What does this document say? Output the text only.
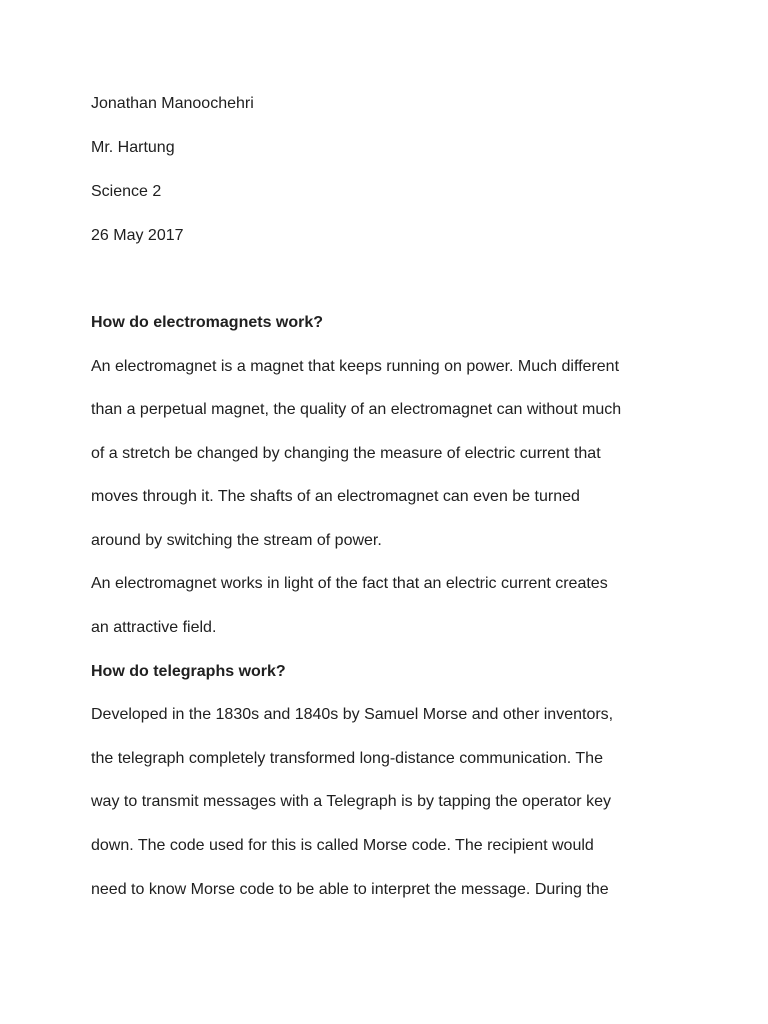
Jonathan Manoochehri
Mr. Hartung
Science 2
26 May 2017
How do electromagnets work?
An electromagnet is a magnet that keeps running on power. Much different
than a perpetual magnet, the quality of an electromagnet can without much
of a stretch be changed by changing the measure of electric current that
moves through it. The shafts of an electromagnet can even be turned
around by switching the stream of power.
An electromagnet works in light of the fact that an electric current creates
an attractive field.
How do telegraphs work?
Developed in the 1830s and 1840s by Samuel Morse and other inventors,
the telegraph completely transformed long-distance communication. The
way to transmit messages with a Telegraph is by tapping the operator key
down. The code used for this is called Morse code. The recipient would
need to know Morse code to be able to interpret the message. During the
